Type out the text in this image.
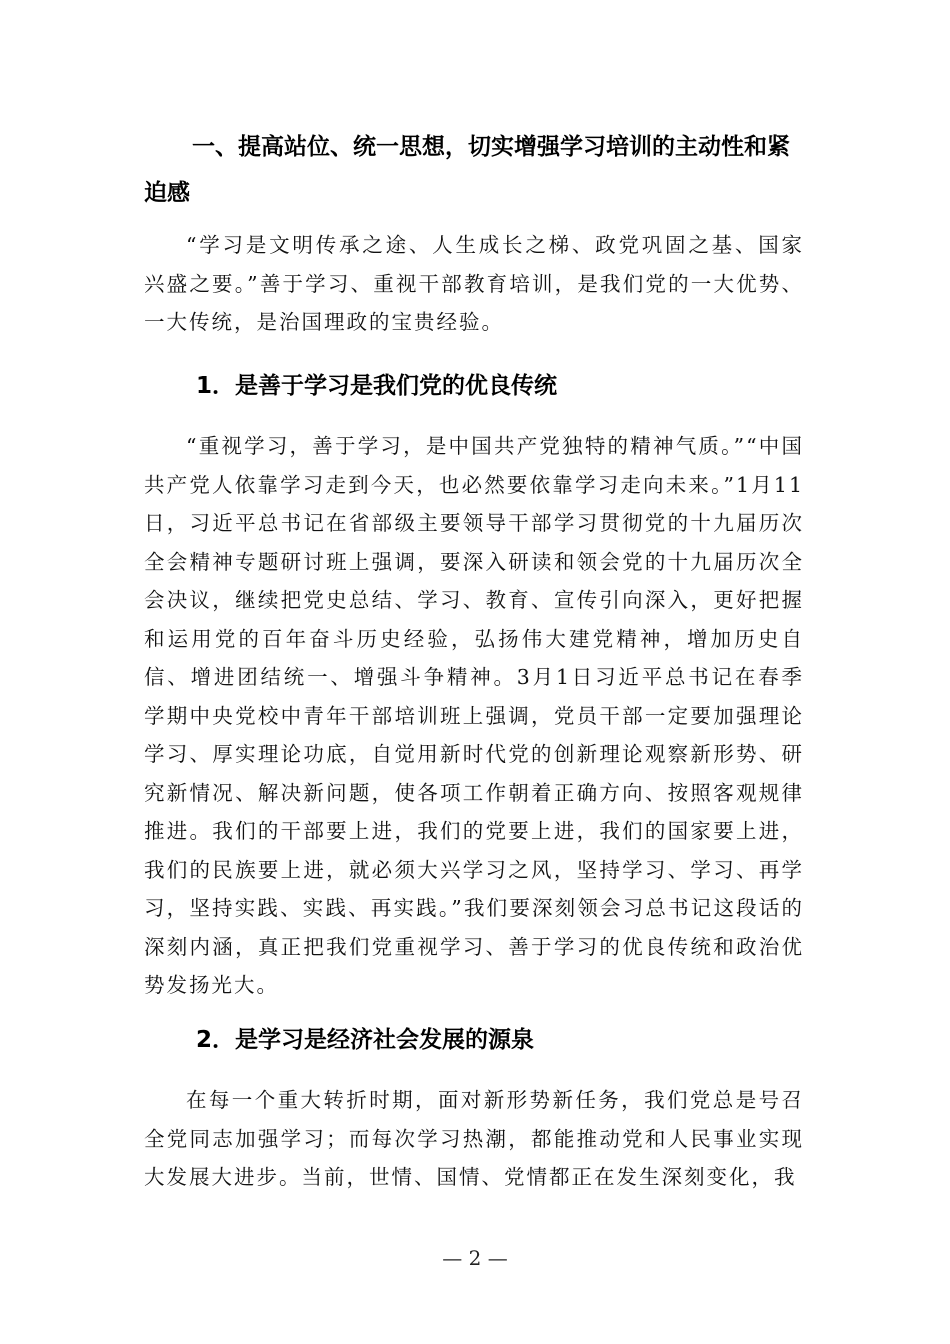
一、提高站位、统一思想，切实增强学习培训的主动性和紧迫感
“学习是文明传承之途、人生成长之梯、政党巩固之基、国家兴盛之要。”善于学习、重视干部教育培训，是我们党的一大优势、一大传统，是治国理政的宝贵经验。
1．是善于学习是我们党的优良传统
“重视学习，善于学习，是中国共产党独特的精神气质。”“中国共产党人依靠学习走到今天，也必然要依靠学习走向未来。”1月11日，习近平总书记在省部级主要领导干部学习贯彻党的十九届历次全会精神专题研讨班上强调，要深入研读和领会党的十九届历次全会决议，继续把党史总结、学习、教育、宣传引向深入，更好把握和运用党的百年奋斗历史经验，弘扬伟大建党精神，增加历史自信、增进团结统一、增强斗争精神。3月1日习近平总书记在春季学期中央党校中青年干部培训班上强调，党员干部一定要加强理论学习、厚实理论功底，自觉用新时代党的创新理论观察新形势、研究新情况、解决新问题，使各项工作朝着正确方向、按照客观规律推进。我们的干部要上进，我们的党要上进，我们的国家要上进，我们的民族要上进，就必须大兴学习之风，坚持学习、学习、再学习，坚持实践、实践、再实践。”我们要深刻领会习总书记这段话的深刻内涵，真正把我们党重视学习、善于学习的优良传统和政治优势发扬光大。
2．是学习是经济社会发展的源泉
在每一个重大转折时期，面对新形势新任务，我们党总是号召全党同志加强学习；而每次学习热潮，都能推动党和人民事业实现大发展大进步。当前，世情、国情、党情都正在发生深刻变化，我
— 2 —
